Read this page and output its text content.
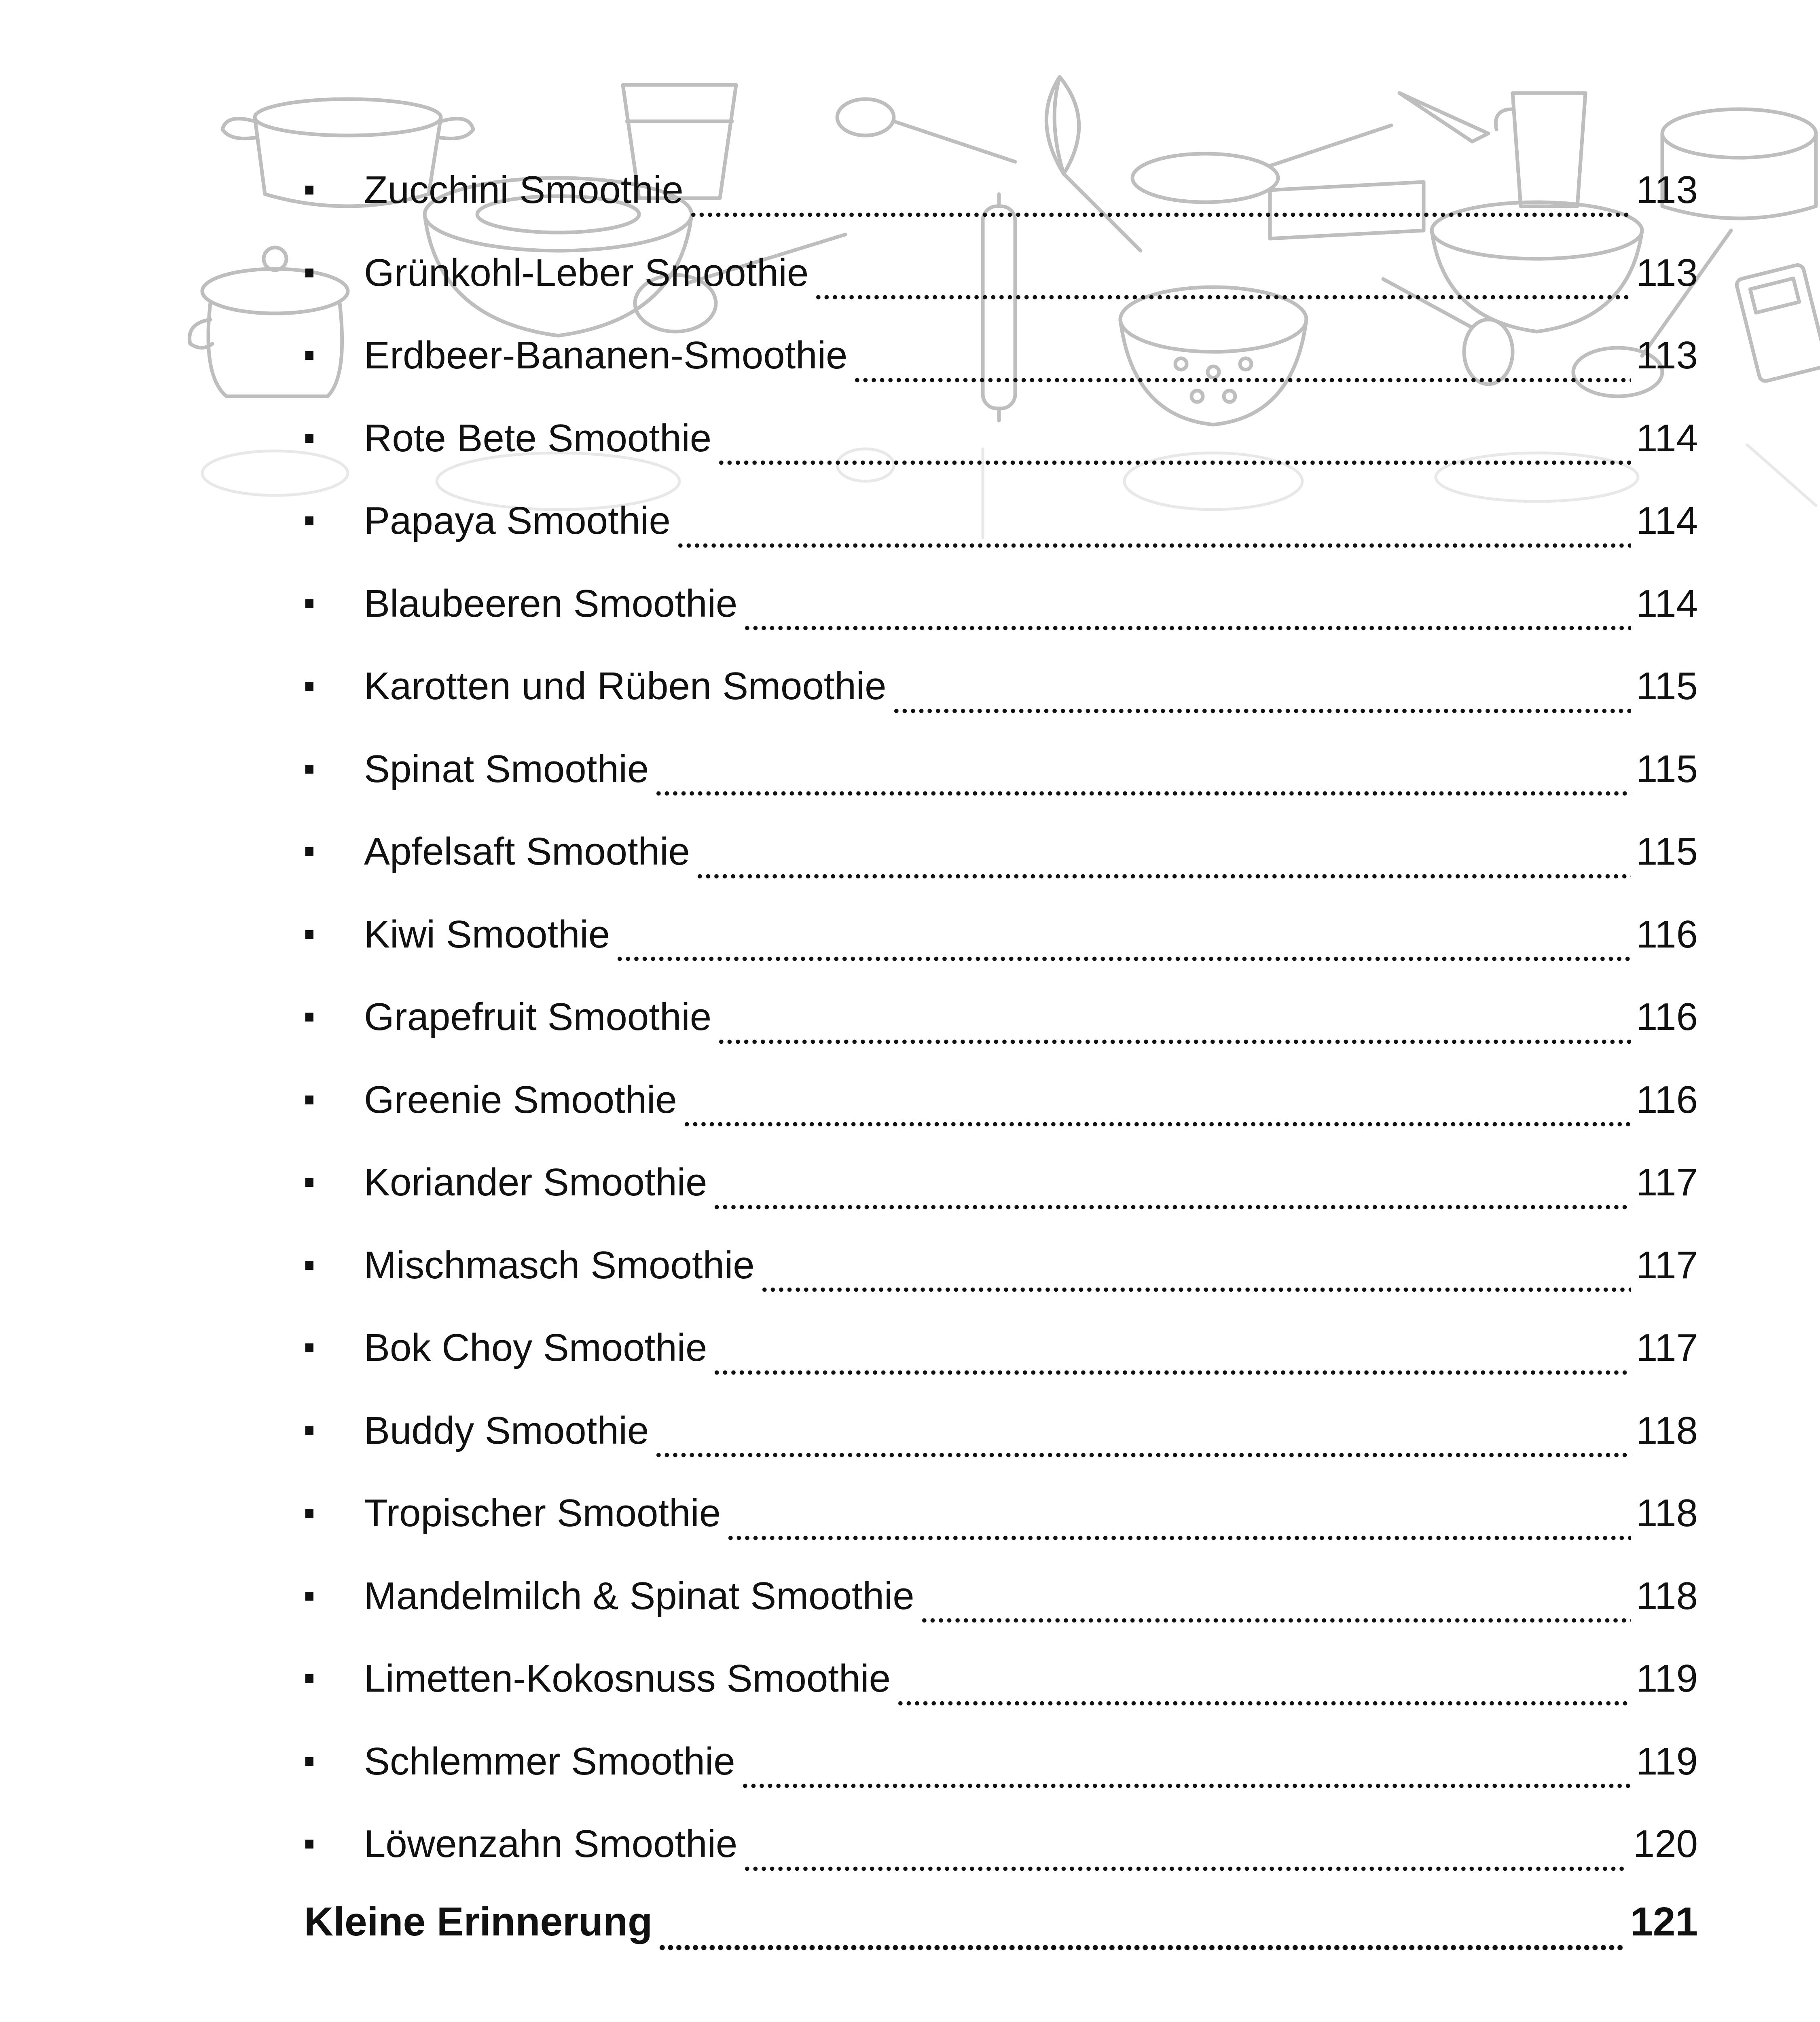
Zucchini Smoothie	113
Grünkohl-Leber Smoothie	113
Erdbeer-Bananen-Smoothie	113
Rote Bete Smoothie	114
Papaya Smoothie	114
Blaubeeren Smoothie	114
Karotten und Rüben Smoothie	115
Spinat Smoothie	115
Apfelsaft Smoothie	115
Kiwi Smoothie	116
Grapefruit Smoothie	116
Greenie Smoothie	116
Koriander Smoothie	117
Mischmasch Smoothie	117
Bok Choy Smoothie	117
Buddy Smoothie	118
Tropischer Smoothie	118
Mandelmilch & Spinat Smoothie	118
Limetten-Kokosnuss Smoothie	119
Schlemmer Smoothie	119
Löwenzahn Smoothie	120
Kleine Erinnerung	121
